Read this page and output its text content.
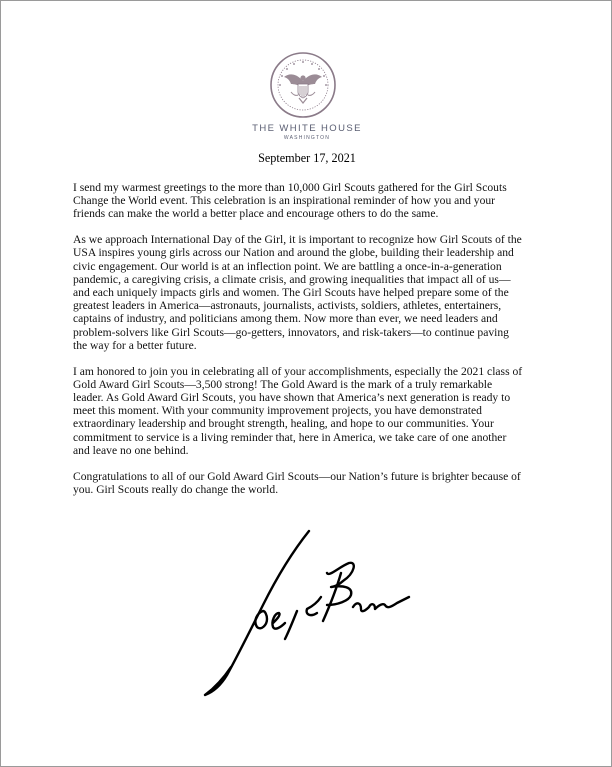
THE WHITE HOUSE
WASHINGTON
September 17, 2021

I send my warmest greetings to the more than 10,000 Girl Scouts gathered for the Girl Scouts
Change the World event. This celebration is an inspirational reminder of how you and your
friends can make the world a better place and encourage others to do the same.

As we approach International Day of the Girl, it is important to recognize how Girl Scouts of the
USA inspires young girls across our Nation and around the globe, building their leadership and
civic engagement. Our world is at an inflection point. We are battling a once-in-a-generation
pandemic, a caregiving crisis, a climate crisis, and growing inequalities that impact all of us—
and each uniquely impacts girls and women. The Girl Scouts have helped prepare some of the
greatest leaders in America—astronauts, journalists, activists, soldiers, athletes, entertainers,
captains of industry, and politicians among them. Now more than ever, we need leaders and
problem-solvers like Girl Scouts—go-getters, innovators, and risk-takers—to continue paving
the way for a better future.

I am honored to join you in celebrating all of your accomplishments, especially the 2021 class of
Gold Award Girl Scouts—3,500 strong! The Gold Award is the mark of a truly remarkable
leader. As Gold Award Girl Scouts, you have shown that America’s next generation is ready to
meet this moment. With your community improvement projects, you have demonstrated
extraordinary leadership and brought strength, healing, and hope to our communities. Your
commitment to service is a living reminder that, here in America, we take care of one another
and leave no one behind.

Congratulations to all of our Gold Award Girl Scouts—our Nation’s future is brighter because of
you. Girl Scouts really do change the world.
